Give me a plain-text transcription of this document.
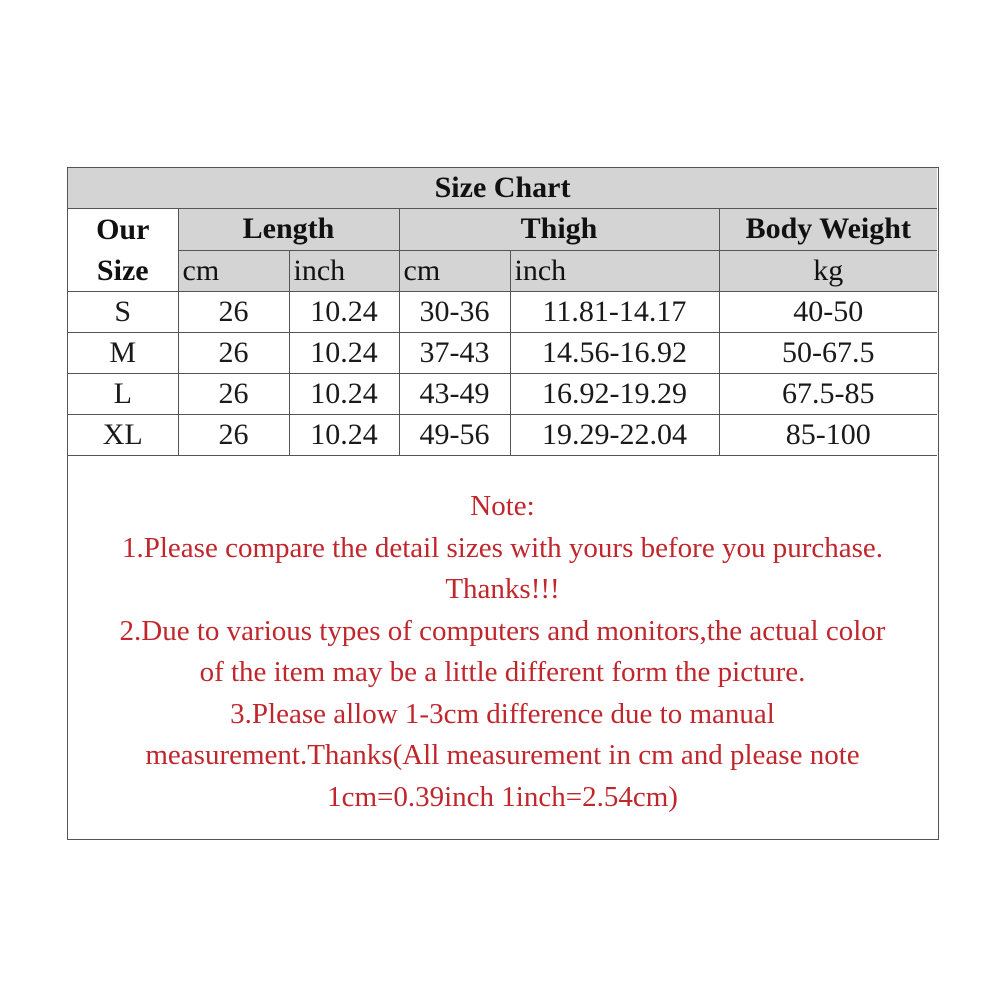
Size Chart					

Our
Size	Length		Thigh		Body Weight
	cm	inch	cm	inch	kg
S	26	10.24	30-36	11.81-14.17	40-50
M	26	10.24	37-43	14.56-16.92	50-67.5
L	26	10.24	43-49	16.92-19.29	67.5-85
XL	26	10.24	49-56	19.29-22.04	85-100
Note:
1.Please compare the detail sizes with yours before you purchase.
Thanks!!!
2.Due to various types of computers and monitors,the actual color
of the item may be a little different form the picture.
3.Please allow 1-3cm difference due to manual
measurement.Thanks(All measurement in cm and please note
1cm=0.39inch 1inch=2.54cm)
